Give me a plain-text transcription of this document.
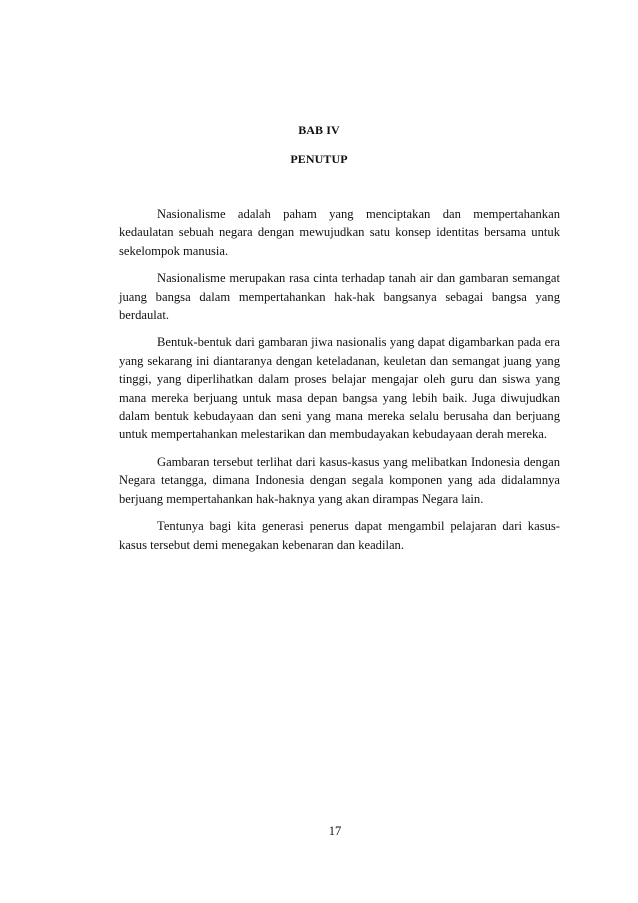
BAB IV
PENUTUP

Nasionalisme adalah paham yang menciptakan dan mempertahankan kedaulatan sebuah negara dengan mewujudkan satu konsep identitas bersama untuk sekelompok manusia.

Nasionalisme merupakan rasa cinta terhadap tanah air dan gambaran semangat juang bangsa dalam mempertahankan hak-hak bangsanya sebagai bangsa yang berdaulat.

Bentuk-bentuk dari gambaran jiwa nasionalis yang dapat digambarkan pada era yang sekarang ini diantaranya dengan keteladanan, keuletan dan semangat juang yang tinggi, yang diperlihatkan dalam proses belajar mengajar oleh guru dan siswa yang mana mereka berjuang untuk masa depan bangsa yang lebih baik. Juga diwujudkan dalam bentuk kebudayaan dan seni yang mana mereka selalu berusaha dan berjuang untuk mempertahankan melestarikan dan membudayakan kebudayaan derah mereka.

Gambaran tersebut terlihat dari kasus-kasus yang melibatkan Indonesia dengan Negara tetangga, dimana Indonesia dengan segala komponen yang ada didalamnya berjuang mempertahankan hak-haknya yang akan dirampas Negara lain.

Tentunya bagi kita generasi penerus dapat mengambil pelajaran dari kasus-kasus tersebut demi menegakan kebenaran dan keadilan.

17
